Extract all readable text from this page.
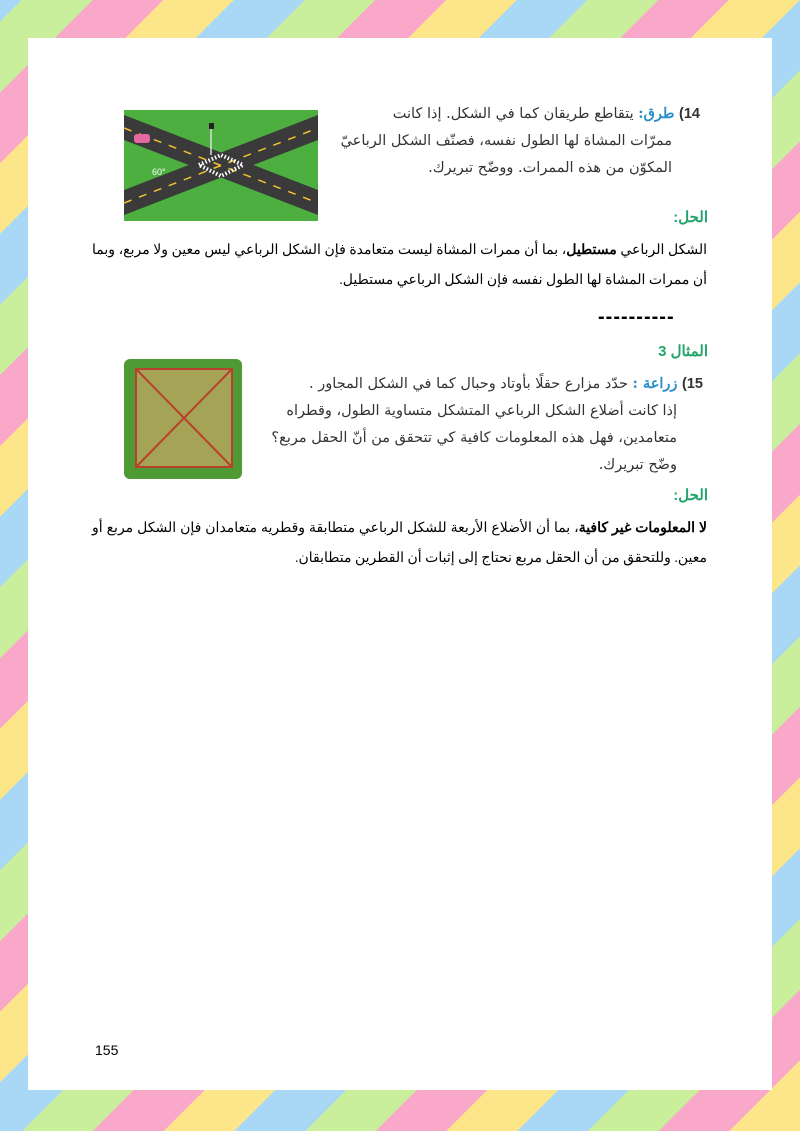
60°
14) طرق: يتقاطع طريقان كما في الشكل. إذا كانت
ممرّات المشاة لها الطول نفسه، فصنّف الشكل الرباعيّ
المكوّن من هذه الممرات. ووضّح تبريرك.
الحل:
الشكل الرباعي مستطيل، بما أن ممرات المشاة ليست متعامدة فإن الشكل الرباعي ليس معين ولا مربع، وبما أن ممرات المشاة لها الطول نفسه فإن الشكل الرباعي مستطيل.
----------
المثال 3
15) زراعة : حدّد مزارع حقلًا بأوتاد وحبال كما في الشكل المجاور .
إذا كانت أضلاع الشكل الرباعي المتشكل متساوية الطول، وقطراه
متعامدين، فهل هذه المعلومات كافية كي تتحقق من أنّ الحقل مربع؟
وضّح تبريرك.
الحل:
لا المعلومات غير كافية، بما أن الأضلاع الأربعة للشكل الرباعي متطابقة وقطريه متعامدان فإن الشكل مربع أو معين. وللتحقق من أن الحقل مربع نحتاج إلى إثبات أن القطرين متطابقان.
155
